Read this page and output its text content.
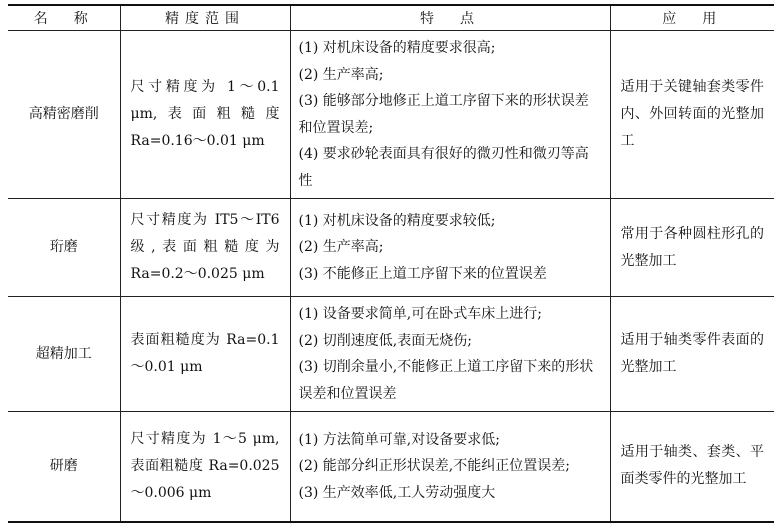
名　称	精度范围	特　点	应　用
高精密磨削	尺寸精度为 1～0.1 μm,表面粗糙度 Ra=0.16～0.01 μm	(1) 对机床设备的精度要求很高;
(2) 生产率高;
(3) 能够部分地修正上道工序留下来的形状误差和位置误差;
(4) 要求砂轮表面具有很好的微刃性和微刃等高性	适用于关键轴套类零件内、外回转面的光整加工
珩磨	尺寸精度为 IT5～IT6 级,表面粗糙度为 Ra=0.2～0.025 μm	(1) 对机床设备的精度要求较低;
(2) 生产率高;
(3) 不能修正上道工序留下来的位置误差	常用于各种圆柱形孔的光整加工
超精加工	表面粗糙度为 Ra=0.1～0.01 μm	(1) 设备要求简单,可在卧式车床上进行;
(2) 切削速度低,表面无烧伤;
(3) 切削余量小,不能修正上道工序留下来的形状误差和位置误差	适用于轴类零件表面的光整加工
研磨	尺寸精度为 1～5 μm,表面粗糙度 Ra=0.025～0.006 μm	(1) 方法简单可靠,对设备要求低;
(2) 能部分纠正形状误差,不能纠正位置误差;
(3) 生产效率低,工人劳动强度大	适用于轴类、套类、平面类零件的光整加工
